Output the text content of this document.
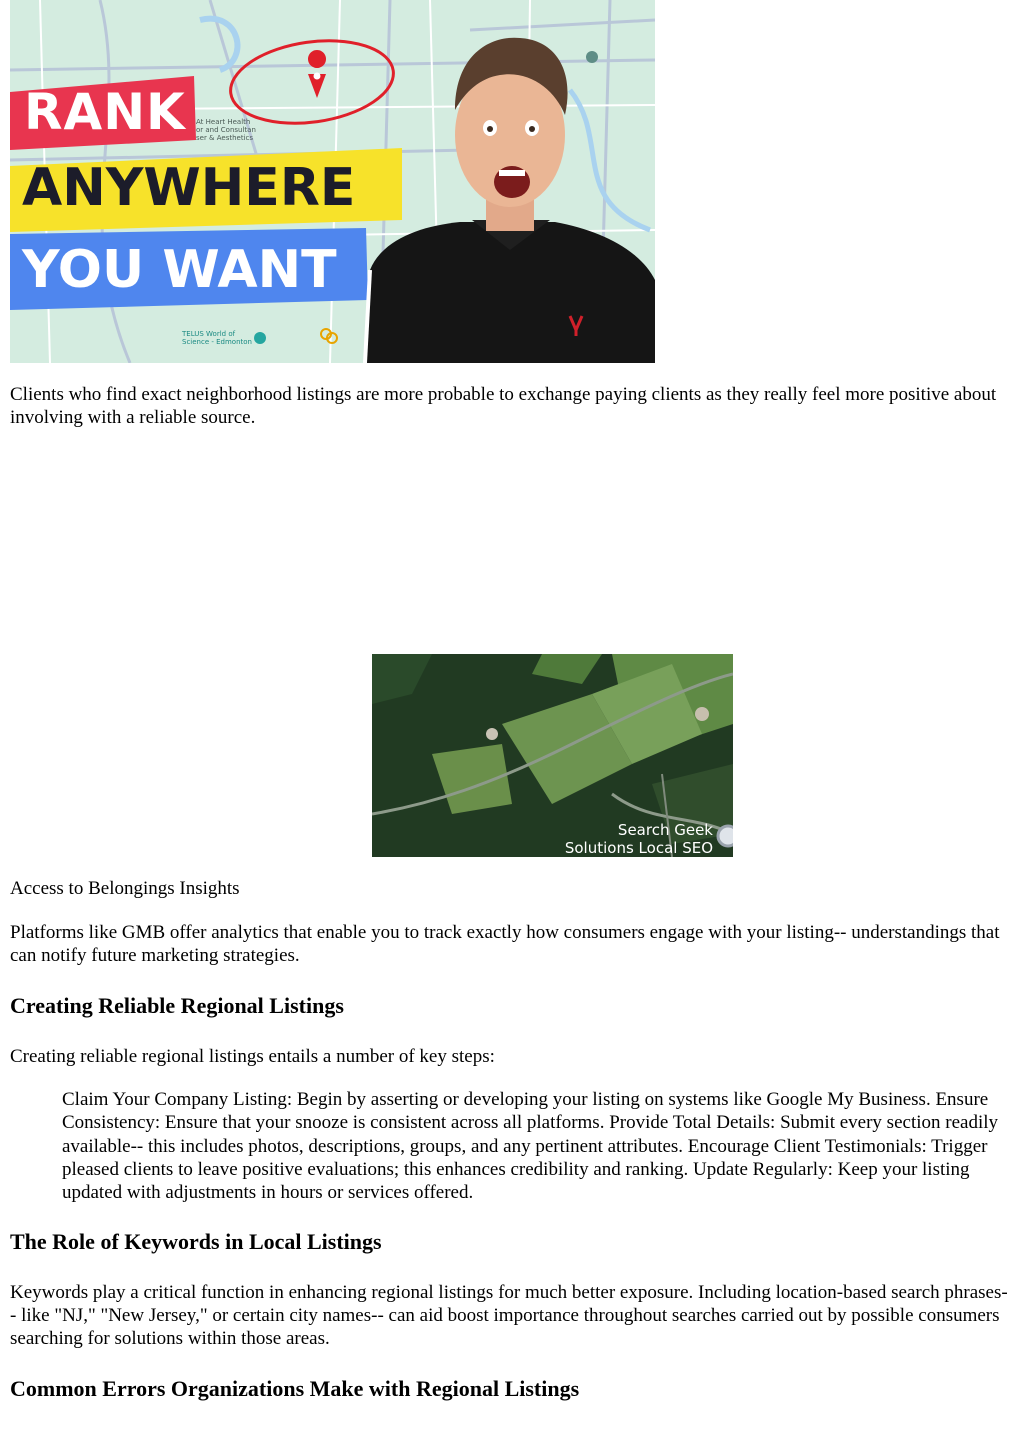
RANK
ANYWHERE
YOU WANT
At Heart Health
or and Consultan
ser & Aesthetics
TELUS World of
Science - Edmonton

Clients who find exact neighborhood listings are more probable to exchange paying clients as they really feel more positive about involving with a reliable source.

Search Geek
Solutions Local SEO

Access to Belongings Insights

Platforms like GMB offer analytics that enable you to track exactly how consumers engage with your listing-- understandings that can notify future marketing strategies.

Creating Reliable Regional Listings

Creating reliable regional listings entails a number of key steps:

Claim Your Company Listing: Begin by asserting or developing your listing on systems like Google My Business. Ensure Consistency: Ensure that your snooze is consistent across all platforms. Provide Total Details: Submit every section readily available-- this includes photos, descriptions, groups, and any pertinent attributes. Encourage Client Testimonials: Trigger pleased clients to leave positive evaluations; this enhances credibility and ranking. Update Regularly: Keep your listing updated with adjustments in hours or services offered.
The Role of Keywords in Local Listings

Keywords play a critical function in enhancing regional listings for much better exposure. Including location-based search phrases-- like "NJ," "New Jersey," or certain city names-- can aid boost importance throughout searches carried out by possible consumers searching for solutions within those areas.

Common Errors Organizations Make with Regional Listings
